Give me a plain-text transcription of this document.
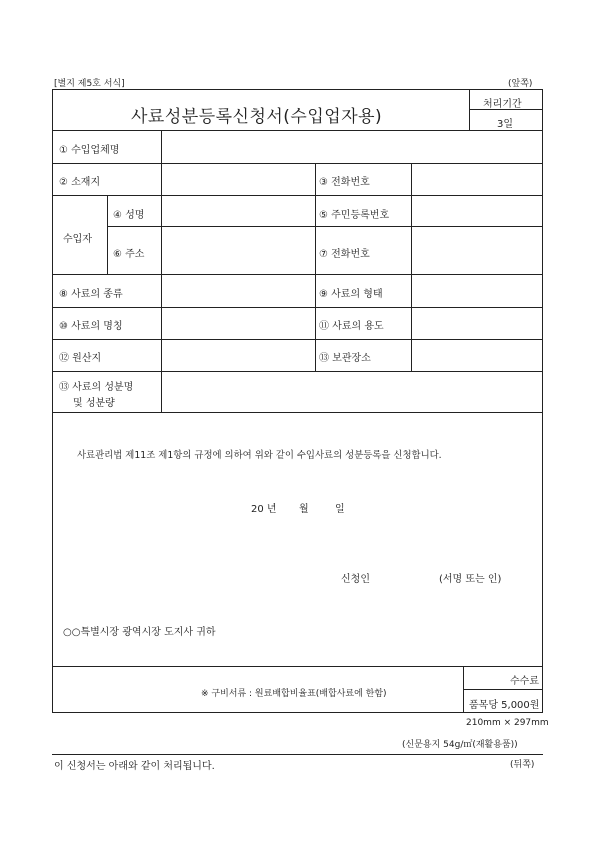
[별지 제5호 서식]	(앞쪽)
사료성분등록신청서(수입업자용)
처리기간
3일
① 수입업체명
② 소재지	③ 전화번호
수입자
④ 성명	⑤ 주민등록번호
⑥ 주소	⑦ 전화번호
⑧ 사료의 종류	⑨ 사료의 형태
⑩ 사료의 명칭	⑪ 사료의 용도
⑫ 원산지	⑬ 보관장소
⑬ 사료의 성분명
및 성분량
사료관리법 제11조 제1항의 규정에 의하여 위와 같이 수입사료의 성분등록을 신청합니다.
20 년 월	일
신청인	(서명 또는 인)
○○특별시장 광역시장 도지사 귀하
※ 구비서류 : 원료배합비율표(배합사료에 한함)
수수료
품목당 5,000원
210mm × 297mm
(신문용지 54g/㎡(재활용품))
이 신청서는 아래와 같이 처리됩니다.	(뒤쪽)
